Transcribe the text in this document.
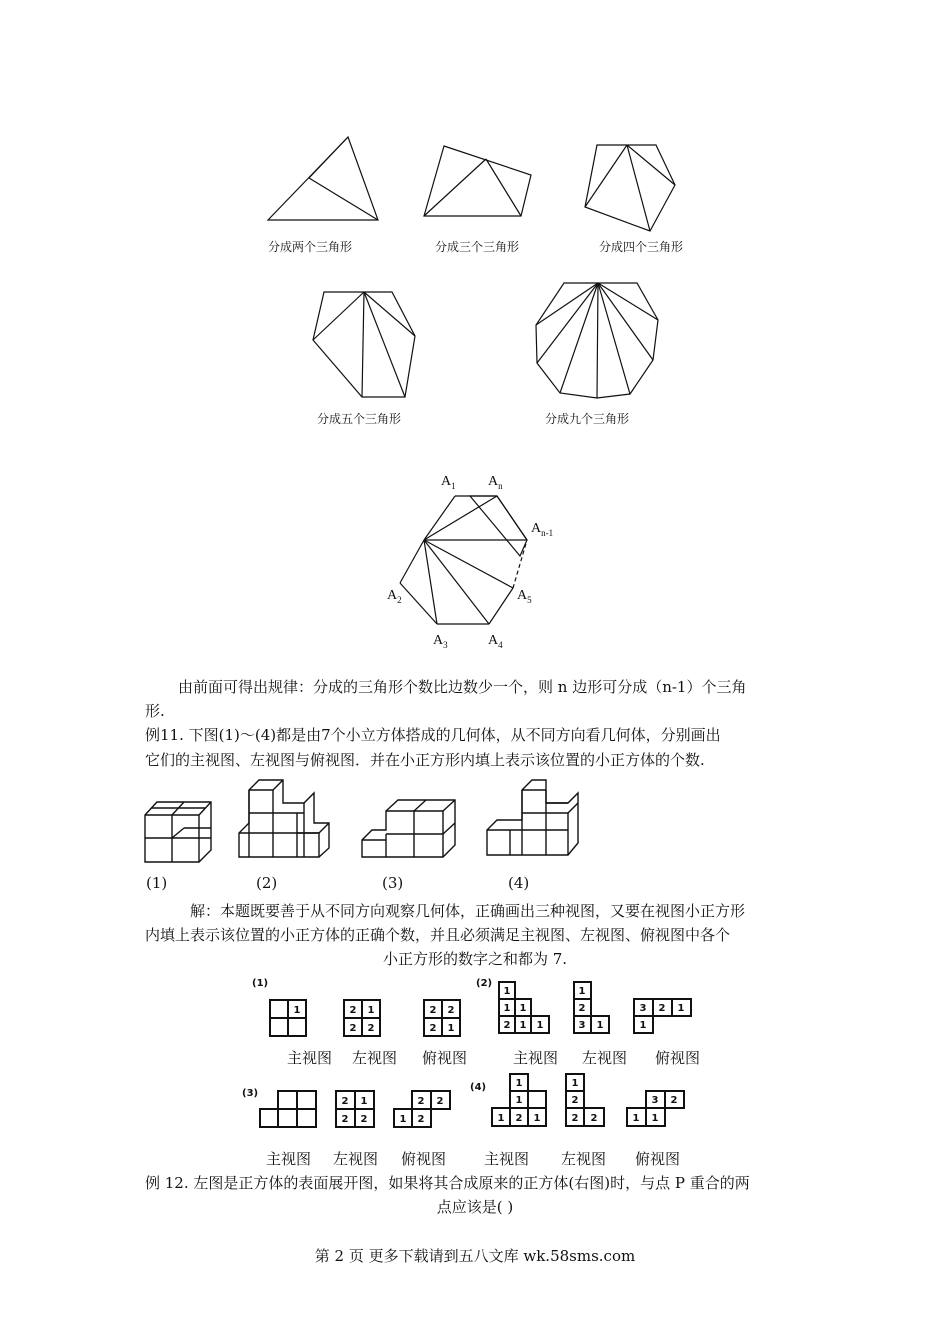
分成两个三角形	分成三个三角形	分成四个三角形
分成五个三角形	分成九个三角形
$A_1$ $A_n$
$A_{n-1}$
$A_2$	$A_5$
$A_3$	$A_4$
由前面可得出规律：分成的三角形个数比边数少一个，则 n 边形可分成（n-1）个三角
形.
例11. 下图(1)～(4)都是由7个小立方体搭成的几何体，从不同方向看几何体，分别画出
它们的主视图、左视图与俯视图．并在小正方形内填上表示该位置的小正方体的个数.
(1)	(2)	(3)	(4)
解：本题既要善于从不同方向观察几何体，正确画出三种视图，又要在视图小正方形
内填上表示该位置的小正方体的正确个数，并且必须满足主视图、左视图、俯视图中各个
小正方形的数字之和都为 7.
1	2 1
2 2
2 2
2 1
1
1 1
2 1 1
1
2
3 1
3 2 1
1
2 1
2 2
2 2
1 2
1
1
1 2 1
1
2
2 2
3 2
1 1
(1)	(2)
(3)
(4)
主视图 左视图 俯视图	主视图 左视图 俯视图
主视图 左视图 俯视图	主视图 左视图 俯视图
例 12. 左图是正方体的表面展开图，如果将其合成原来的正方体(右图)时，与点 P 重合的两
点应该是( )
第 2 页 更多下载请到五八文库 wk.58sms.com
